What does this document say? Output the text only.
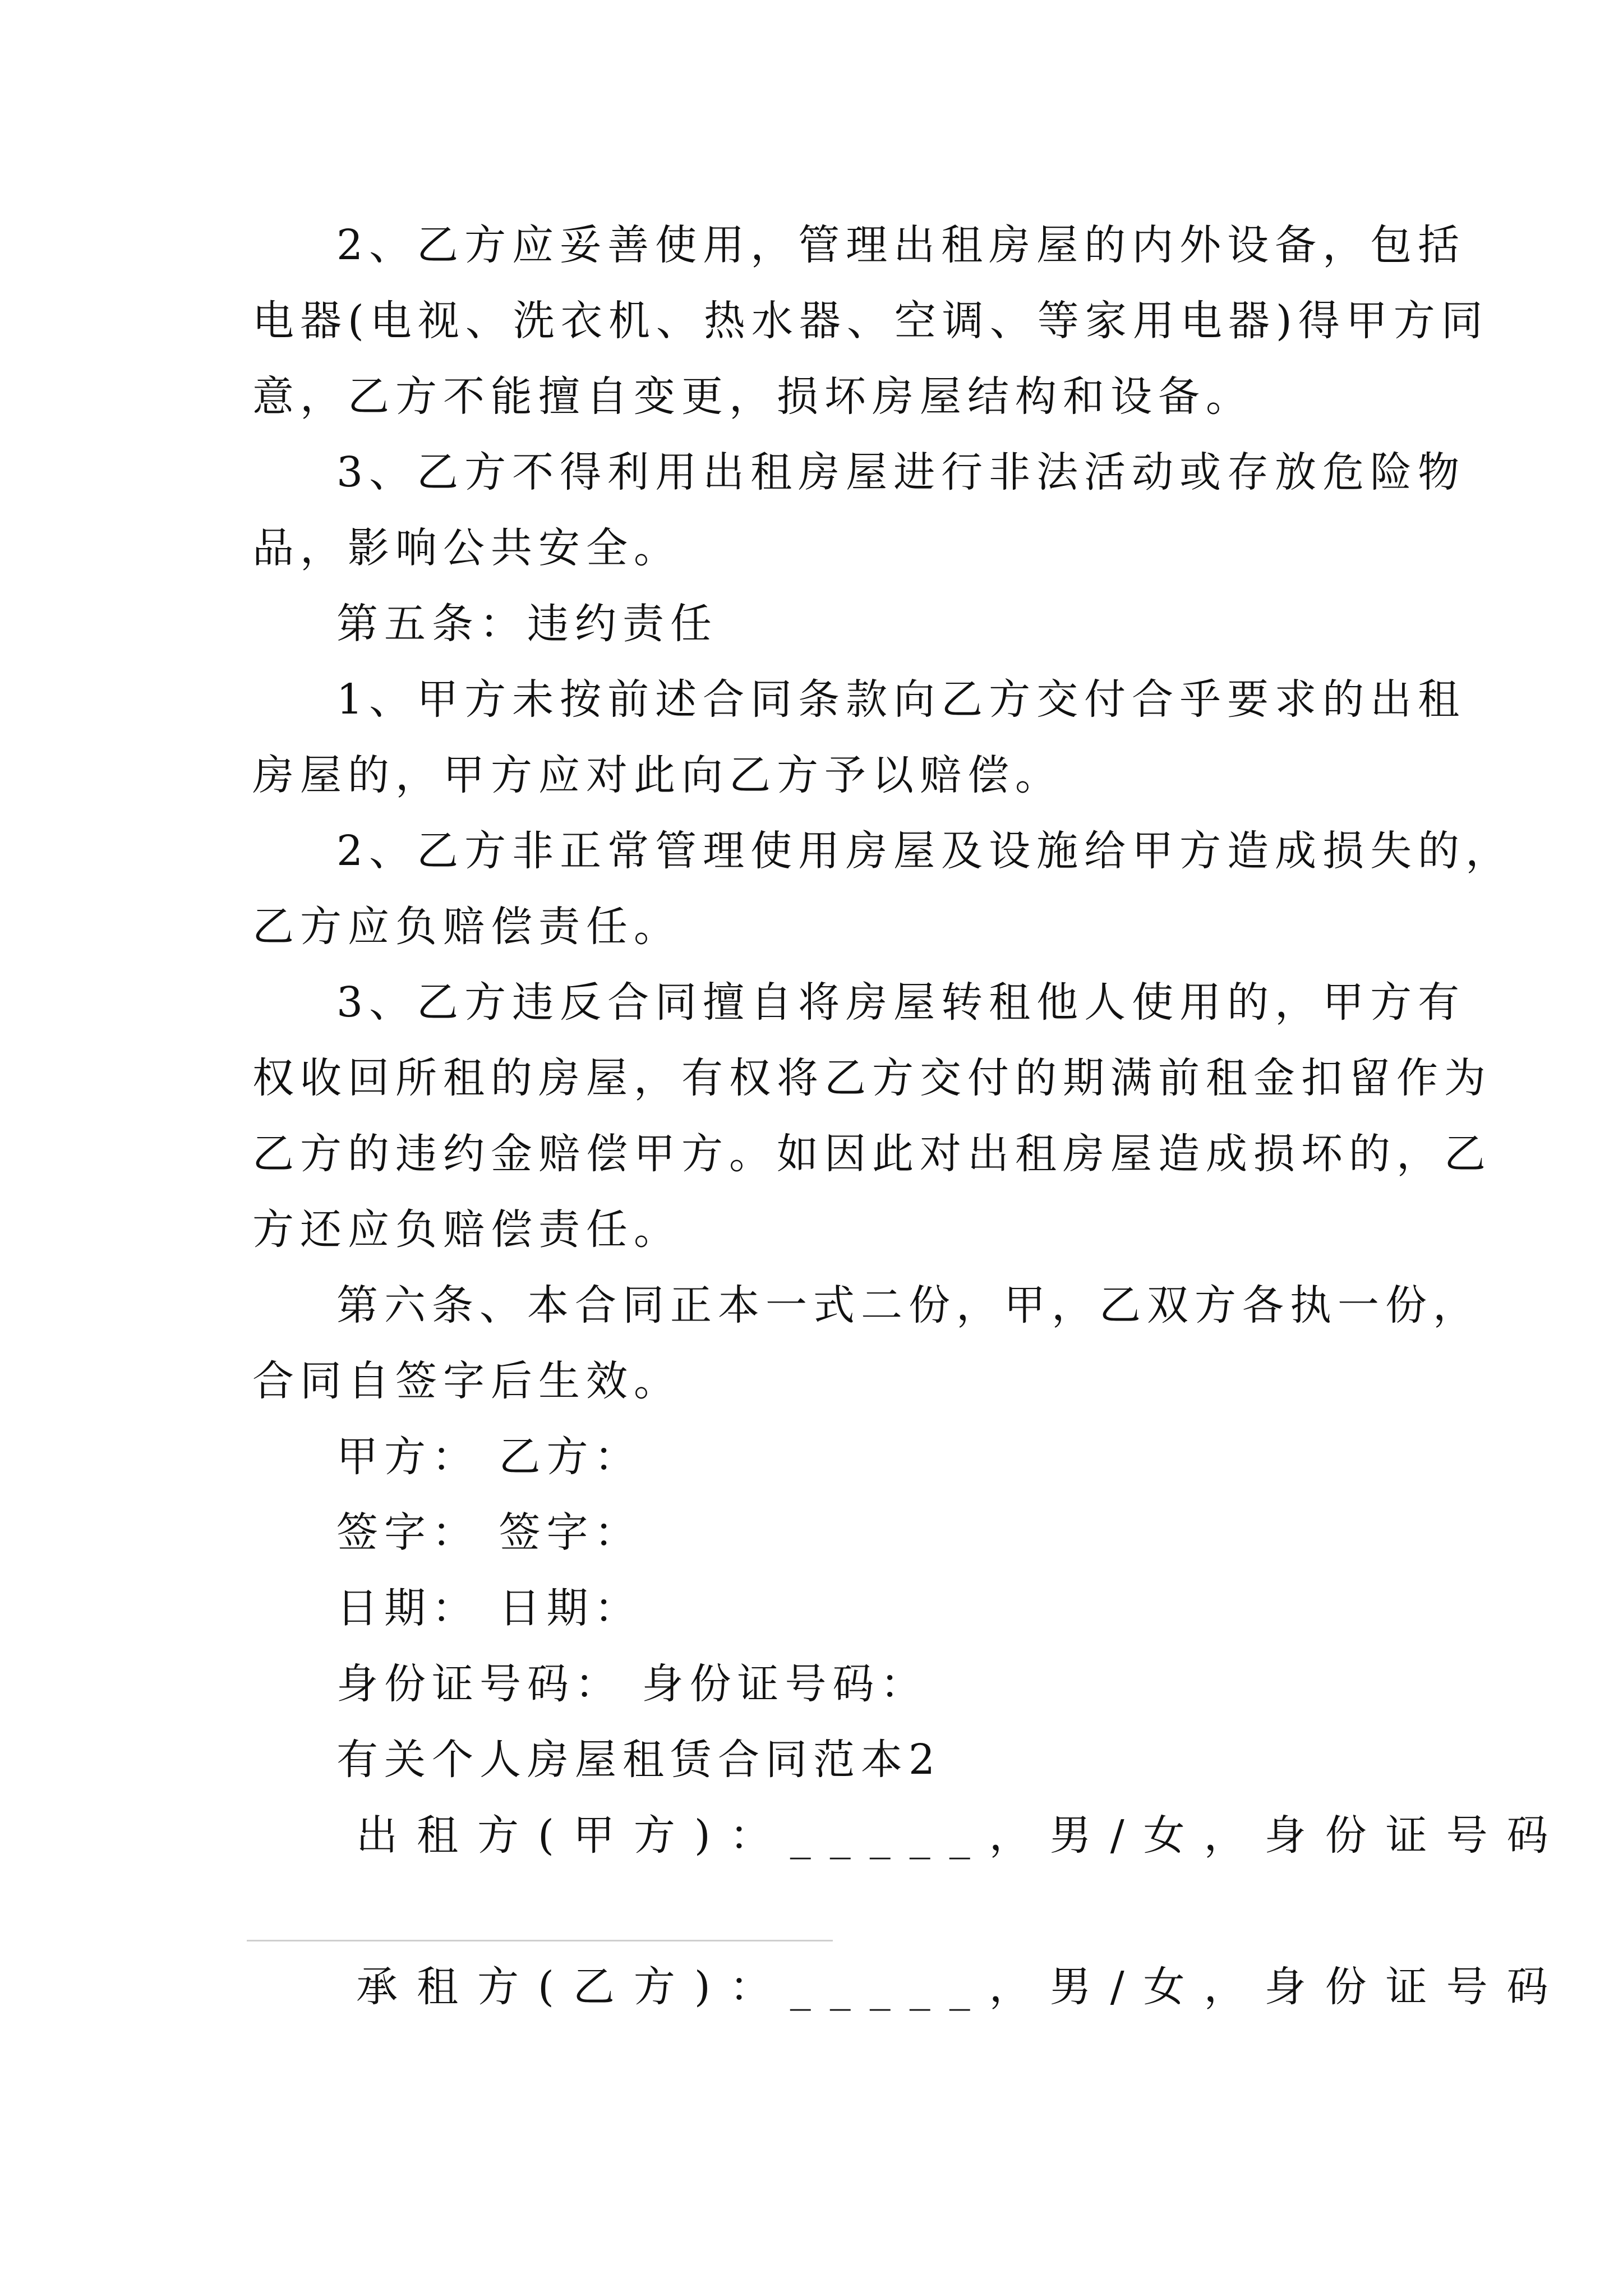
2、乙方应妥善使用，管理出租房屋的内外设备，包括
电器(电视、洗衣机、热水器、空调、等家用电器)得甲方同
意，乙方不能擅自变更，损坏房屋结构和设备。
3、乙方不得利用出租房屋进行非法活动或存放危险物
品，影响公共安全。
第五条：违约责任
1、甲方未按前述合同条款向乙方交付合乎要求的出租
房屋的，甲方应对此向乙方予以赔偿。
2、乙方非正常管理使用房屋及设施给甲方造成损失的，
乙方应负赔偿责任。
3、乙方违反合同擅自将房屋转租他人使用的，甲方有
权收回所租的房屋，有权将乙方交付的期满前租金扣留作为
乙方的违约金赔偿甲方。如因此对出租房屋造成损坏的，乙
方还应负赔偿责任。
第六条、本合同正本一式二份，甲，乙双方各执一份，
合同自签字后生效。
甲方： 乙方：
签字： 签字：
日期： 日期：
身份证号码： 身份证号码：
有关个人房屋租赁合同范本2
出租方(甲方)：_____，男/女，身份证号码
承租方(乙方)：_____，男/女，身份证号码
